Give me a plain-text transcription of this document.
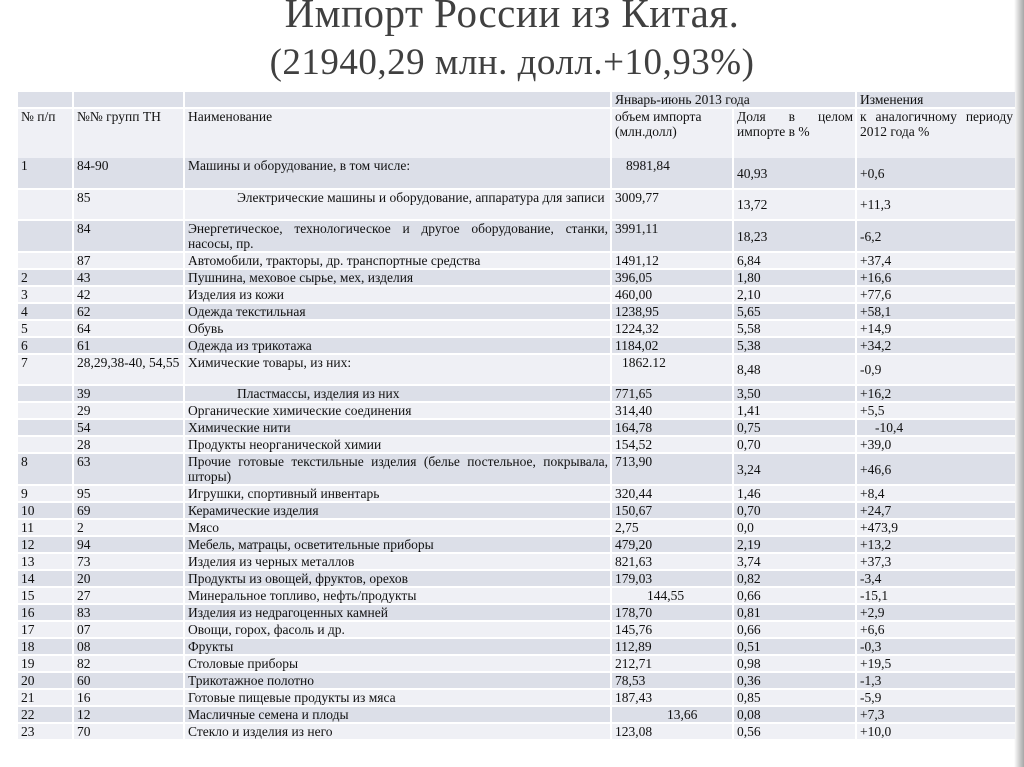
Импорт России из Китая.
(21940,29 млн. долл.+10,93%)
			Январь-июнь 2013 года		Изменения
№ п/п	№№ групп ТН	Наименование	объем импорта (млн.долл)	Доля в целом импорте в %	к аналогичному периоду 2012 года %
1	84-90	Машины и оборудование, в том числе:	8981,84	40,93	+0,6
	85	Электрические машины и оборудование, аппаратура для записи	3009,77	13,72	+11,3
	84	Энергетическое, технологическое и другое оборудование, станки, насосы, пр.	3991,11	18,23	-6,2
	87	Автомобили, тракторы, др. транспортные средства	1491,12	6,84	+37,4
2	43	Пушнина, меховое сырье, мех, изделия	396,05	1,80	+16,6
3	42	Изделия из кожи	460,00	2,10	+77,6
4	62	Одежда текстильная	1238,95	5,65	+58,1
5	64	Обувь	1224,32	5,58	+14,9
6	61	Одежда из трикотажа	1184,02	5,38	+34,2
7	28,29,38-40, 54,55	Химические товары, из них:	1862.12	8,48	-0,9
	39	Пластмассы, изделия из них	771,65	3,50	+16,2
	29	Органические химические соединения	314,40	1,41	+5,5
	54	Химические нити	164,78	0,75	-10,4
	28	Продукты неорганической химии	154,52	0,70	+39,0
8	63	Прочие готовые текстильные изделия (белье постельное, покрывала, шторы)	713,90	3,24	+46,6
9	95	Игрушки, спортивный инвентарь	320,44	1,46	+8,4
10	69	Керамические изделия	150,67	0,70	+24,7
11	2	Мясо	2,75	0,0	+473,9
12	94	Мебель, матрацы, осветительные приборы	479,20	2,19	+13,2
13	73	Изделия из черных металлов	821,63	3,74	+37,3
14	20	Продукты из овощей, фруктов, орехов	179,03	0,82	-3,4
15	27	Минеральное топливо, нефть/продукты	144,55	0,66	-15,1
16	83	Изделия из недрагоценных камней	178,70	0,81	+2,9
17	07	Овощи, горох, фасоль и др.	145,76	0,66	+6,6
18	08	Фрукты	112,89	0,51	-0,3
19	82	Столовые приборы	212,71	0,98	+19,5
20	60	Трикотажное полотно	78,53	0,36	-1,3
21	16	Готовые пищевые продукты из мяса	187,43	0,85	-5,9
22	12	Масличные семена и плоды	13,66	0,08	+7,3
23	70	Стекло и изделия из него	123,08	0,56	+10,0
